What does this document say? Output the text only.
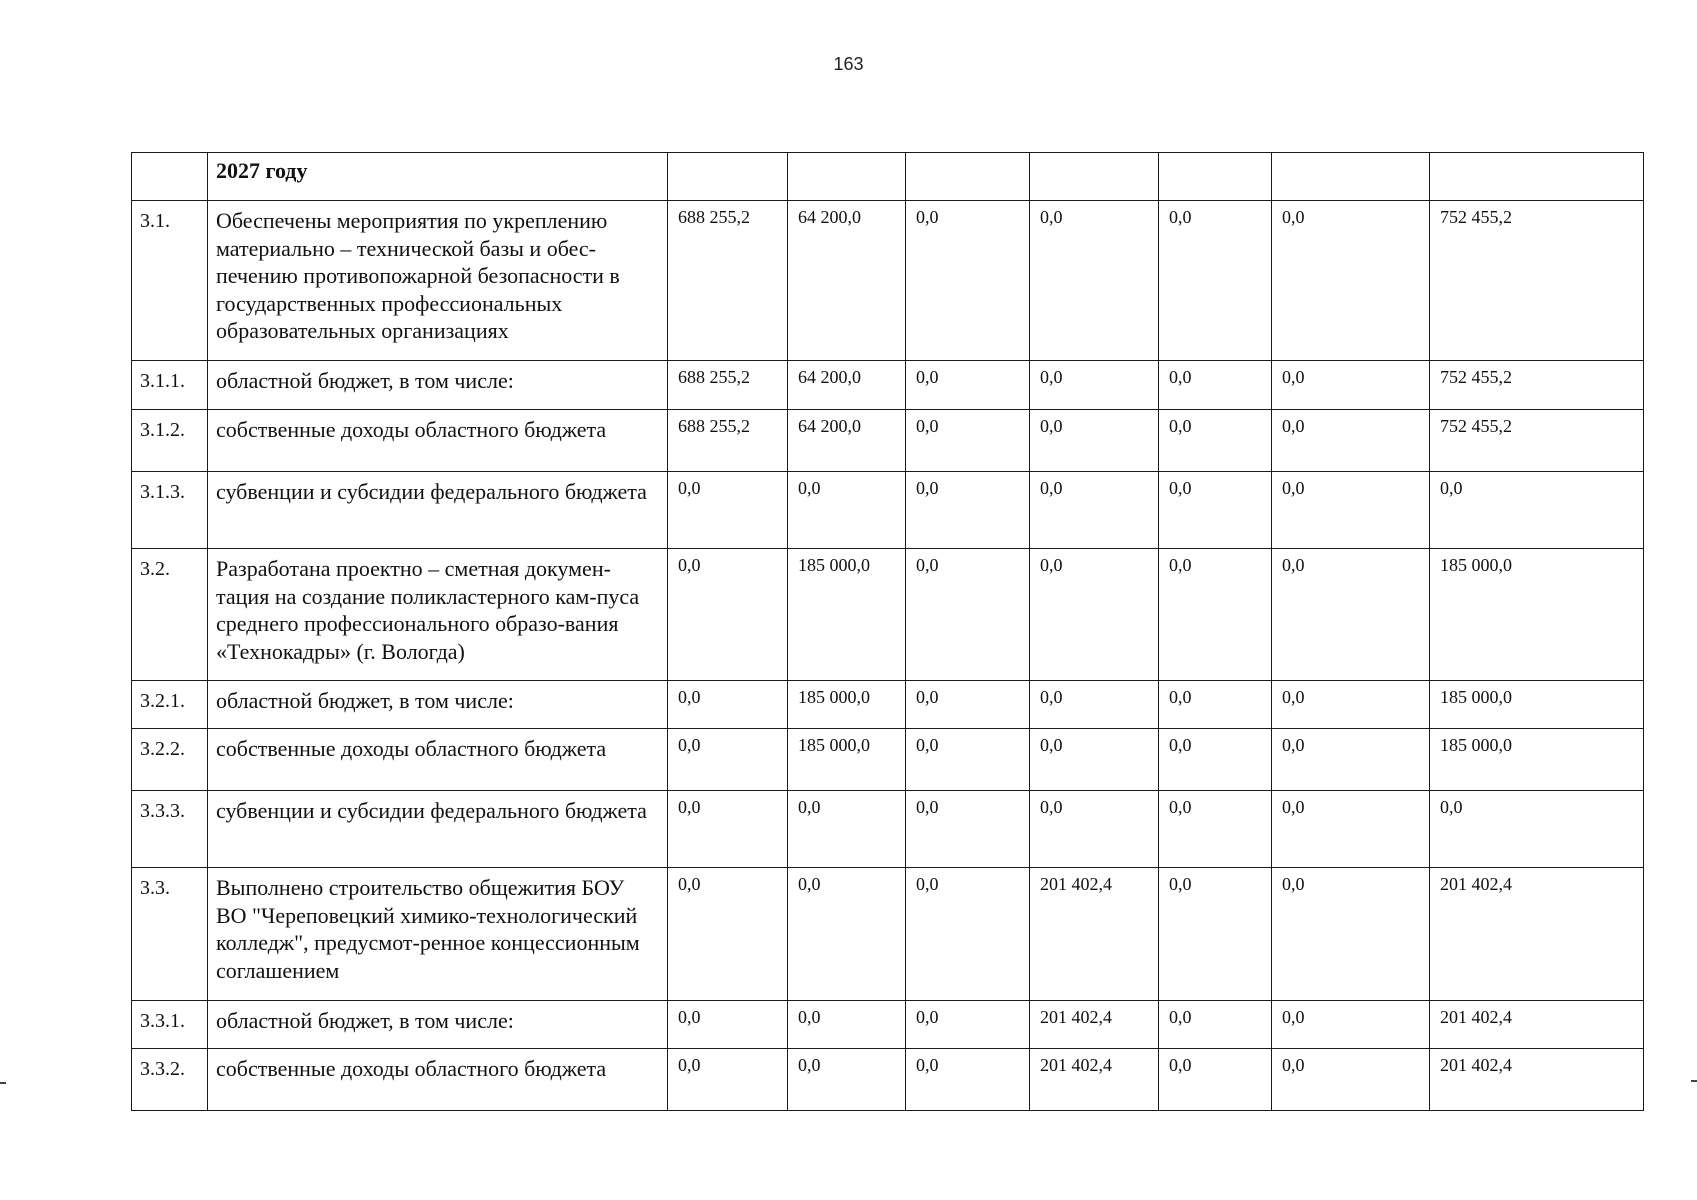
163
	2027 году							
3.1.	Обеспечены мероприятия по укреплению материально – технической базы и обес-печению противопожарной безопасности в государственных профессиональных образовательных организациях	688 255,2	64 200,0	0,0	0,0	0,0	0,0	752 455,2
3.1.1.	областной бюджет, в том числе:	688 255,2	64 200,0	0,0	0,0	0,0	0,0	752 455,2
3.1.2.	собственные доходы областного бюджета	688 255,2	64 200,0	0,0	0,0	0,0	0,0	752 455,2
3.1.3.	субвенции и субсидии федерального бюджета	0,0	0,0	0,0	0,0	0,0	0,0	0,0
3.2.	Разработана проектно – сметная докумен-тация на создание поликластерного кам-пуса среднего профессионального образо-вания «Технокадры» (г. Вологда)	0,0	185 000,0	0,0	0,0	0,0	0,0	185 000,0
3.2.1.	областной бюджет, в том числе:	0,0	185 000,0	0,0	0,0	0,0	0,0	185 000,0
3.2.2.	собственные доходы областного бюджета	0,0	185 000,0	0,0	0,0	0,0	0,0	185 000,0
3.3.3.	субвенции и субсидии федерального бюджета	0,0	0,0	0,0	0,0	0,0	0,0	0,0
3.3.	Выполнено строительство общежития БОУ ВО "Череповецкий химико-технологический колледж", предусмот-ренное концессионным соглашением	0,0	0,0	0,0	201 402,4	0,0	0,0	201 402,4
3.3.1.	областной бюджет, в том числе:	0,0	0,0	0,0	201 402,4	0,0	0,0	201 402,4
3.3.2.	собственные доходы областного бюджета	0,0	0,0	0,0	201 402,4	0,0	0,0	201 402,4
